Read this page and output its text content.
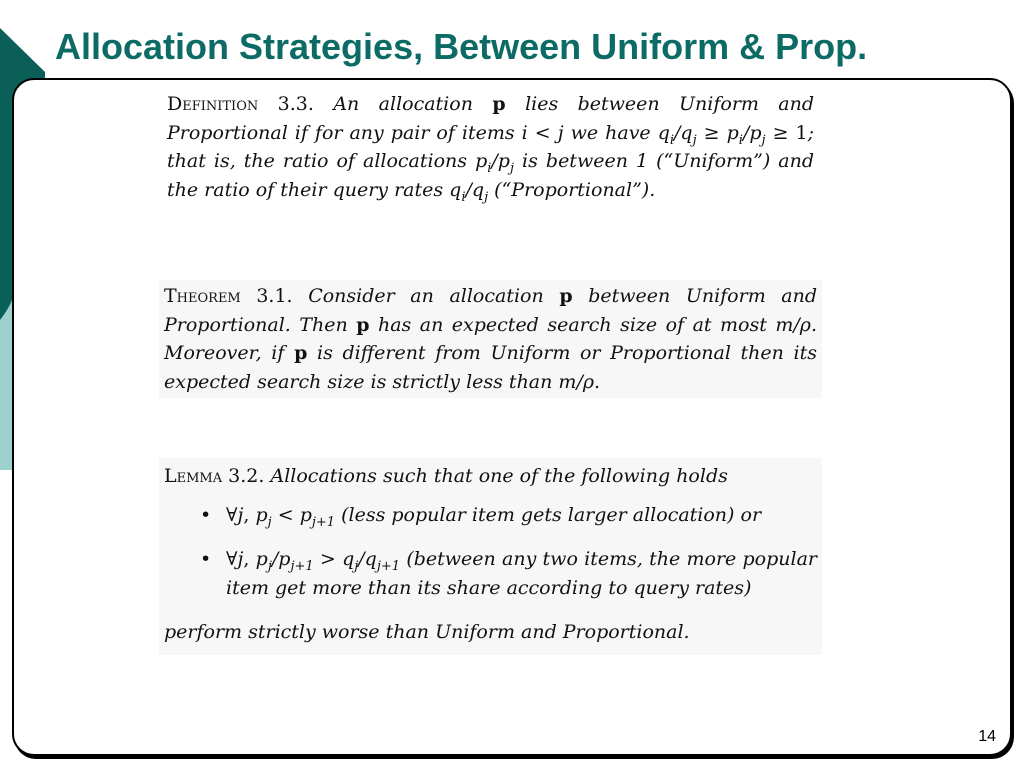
Allocation Strategies, Between Uniform & Prop.
Definition 3.3. An allocation p lies between Uniform and Proportional if for any pair of items i < j we have $q_i/q_j \ge p_i/p_j \ge 1$; that is, the ratio of allocations $p_i/p_j$ is between 1 (“Uniform”) and the ratio of their query rates $q_i/q_j$ (“Proportional”).
Theorem 3.1. Consider an allocation p between Uniform and Proportional. Then p has an expected search size of at most m/ρ. Moreover, if p is different from Uniform or Proportional then its expected search size is strictly less than m/ρ.
Lemma 3.2. Allocations such that one of the following holds
• ∀j, $p_j < p_{j+1}$ (less popular item gets larger allocation) or
• ∀j, $p_j/p_{j+1} > q_j/q_{j+1}$ (between any two items, the more popular item get more than its share according to query rates)
perform strictly worse than Uniform and Proportional.
14
